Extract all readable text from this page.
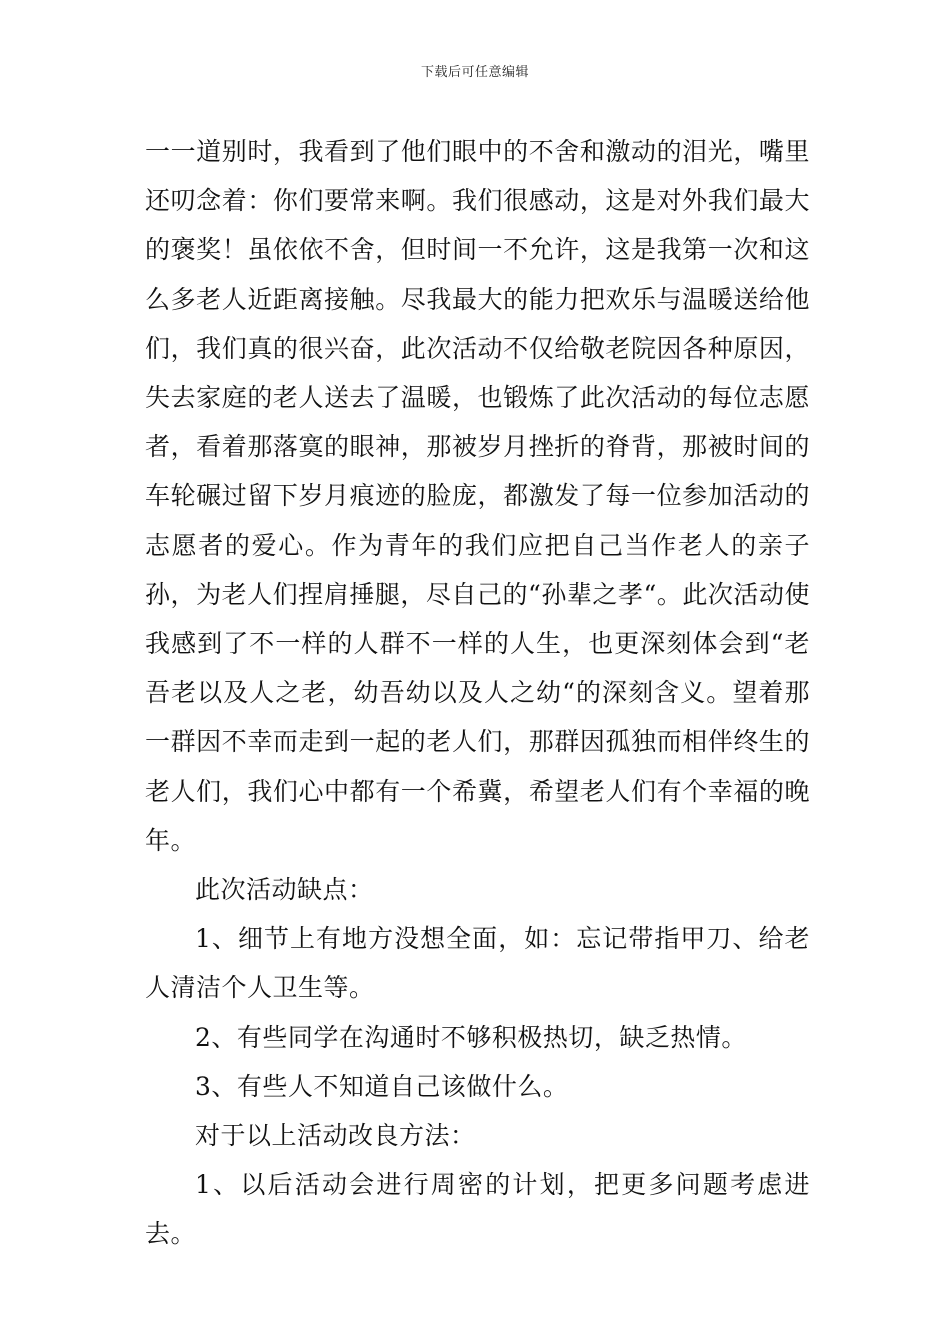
下载后可任意编辑

一一道别时，我看到了他们眼中的不舍和激动的泪光，嘴里还叨念着：你们要常来啊。我们很感动，这是对外我们最大的褒奖！虽依依不舍，但时间一不允许，这是我第一次和这么多老人近距离接触。尽我最大的能力把欢乐与温暖送给他们，我们真的很兴奋，此次活动不仅给敬老院因各种原因，失去家庭的老人送去了温暖，也锻炼了此次活动的每位志愿者，看着那落寞的眼神，那被岁月挫折的脊背，那被时间的车轮碾过留下岁月痕迹的脸庞，都激发了每一位参加活动的志愿者的爱心。作为青年的我们应把自己当作老人的亲子孙，为老人们捏肩捶腿，尽自己的“孙辈之孝“。此次活动使我感到了不一样的人群不一样的人生，也更深刻体会到“老吾老以及人之老，幼吾幼以及人之幼“的深刻含义。望着那一群因不幸而走到一起的老人们，那群因孤独而相伴终生的老人们，我们心中都有一个希冀，希望老人们有个幸福的晚年。

此次活动缺点：

1、细节上有地方没想全面，如：忘记带指甲刀、给老人清洁个人卫生等。

2、有些同学在沟通时不够积极热切，缺乏热情。

3、有些人不知道自己该做什么。

对于以上活动改良方法：

1、以后活动会进行周密的计划，把更多问题考虑进去。
